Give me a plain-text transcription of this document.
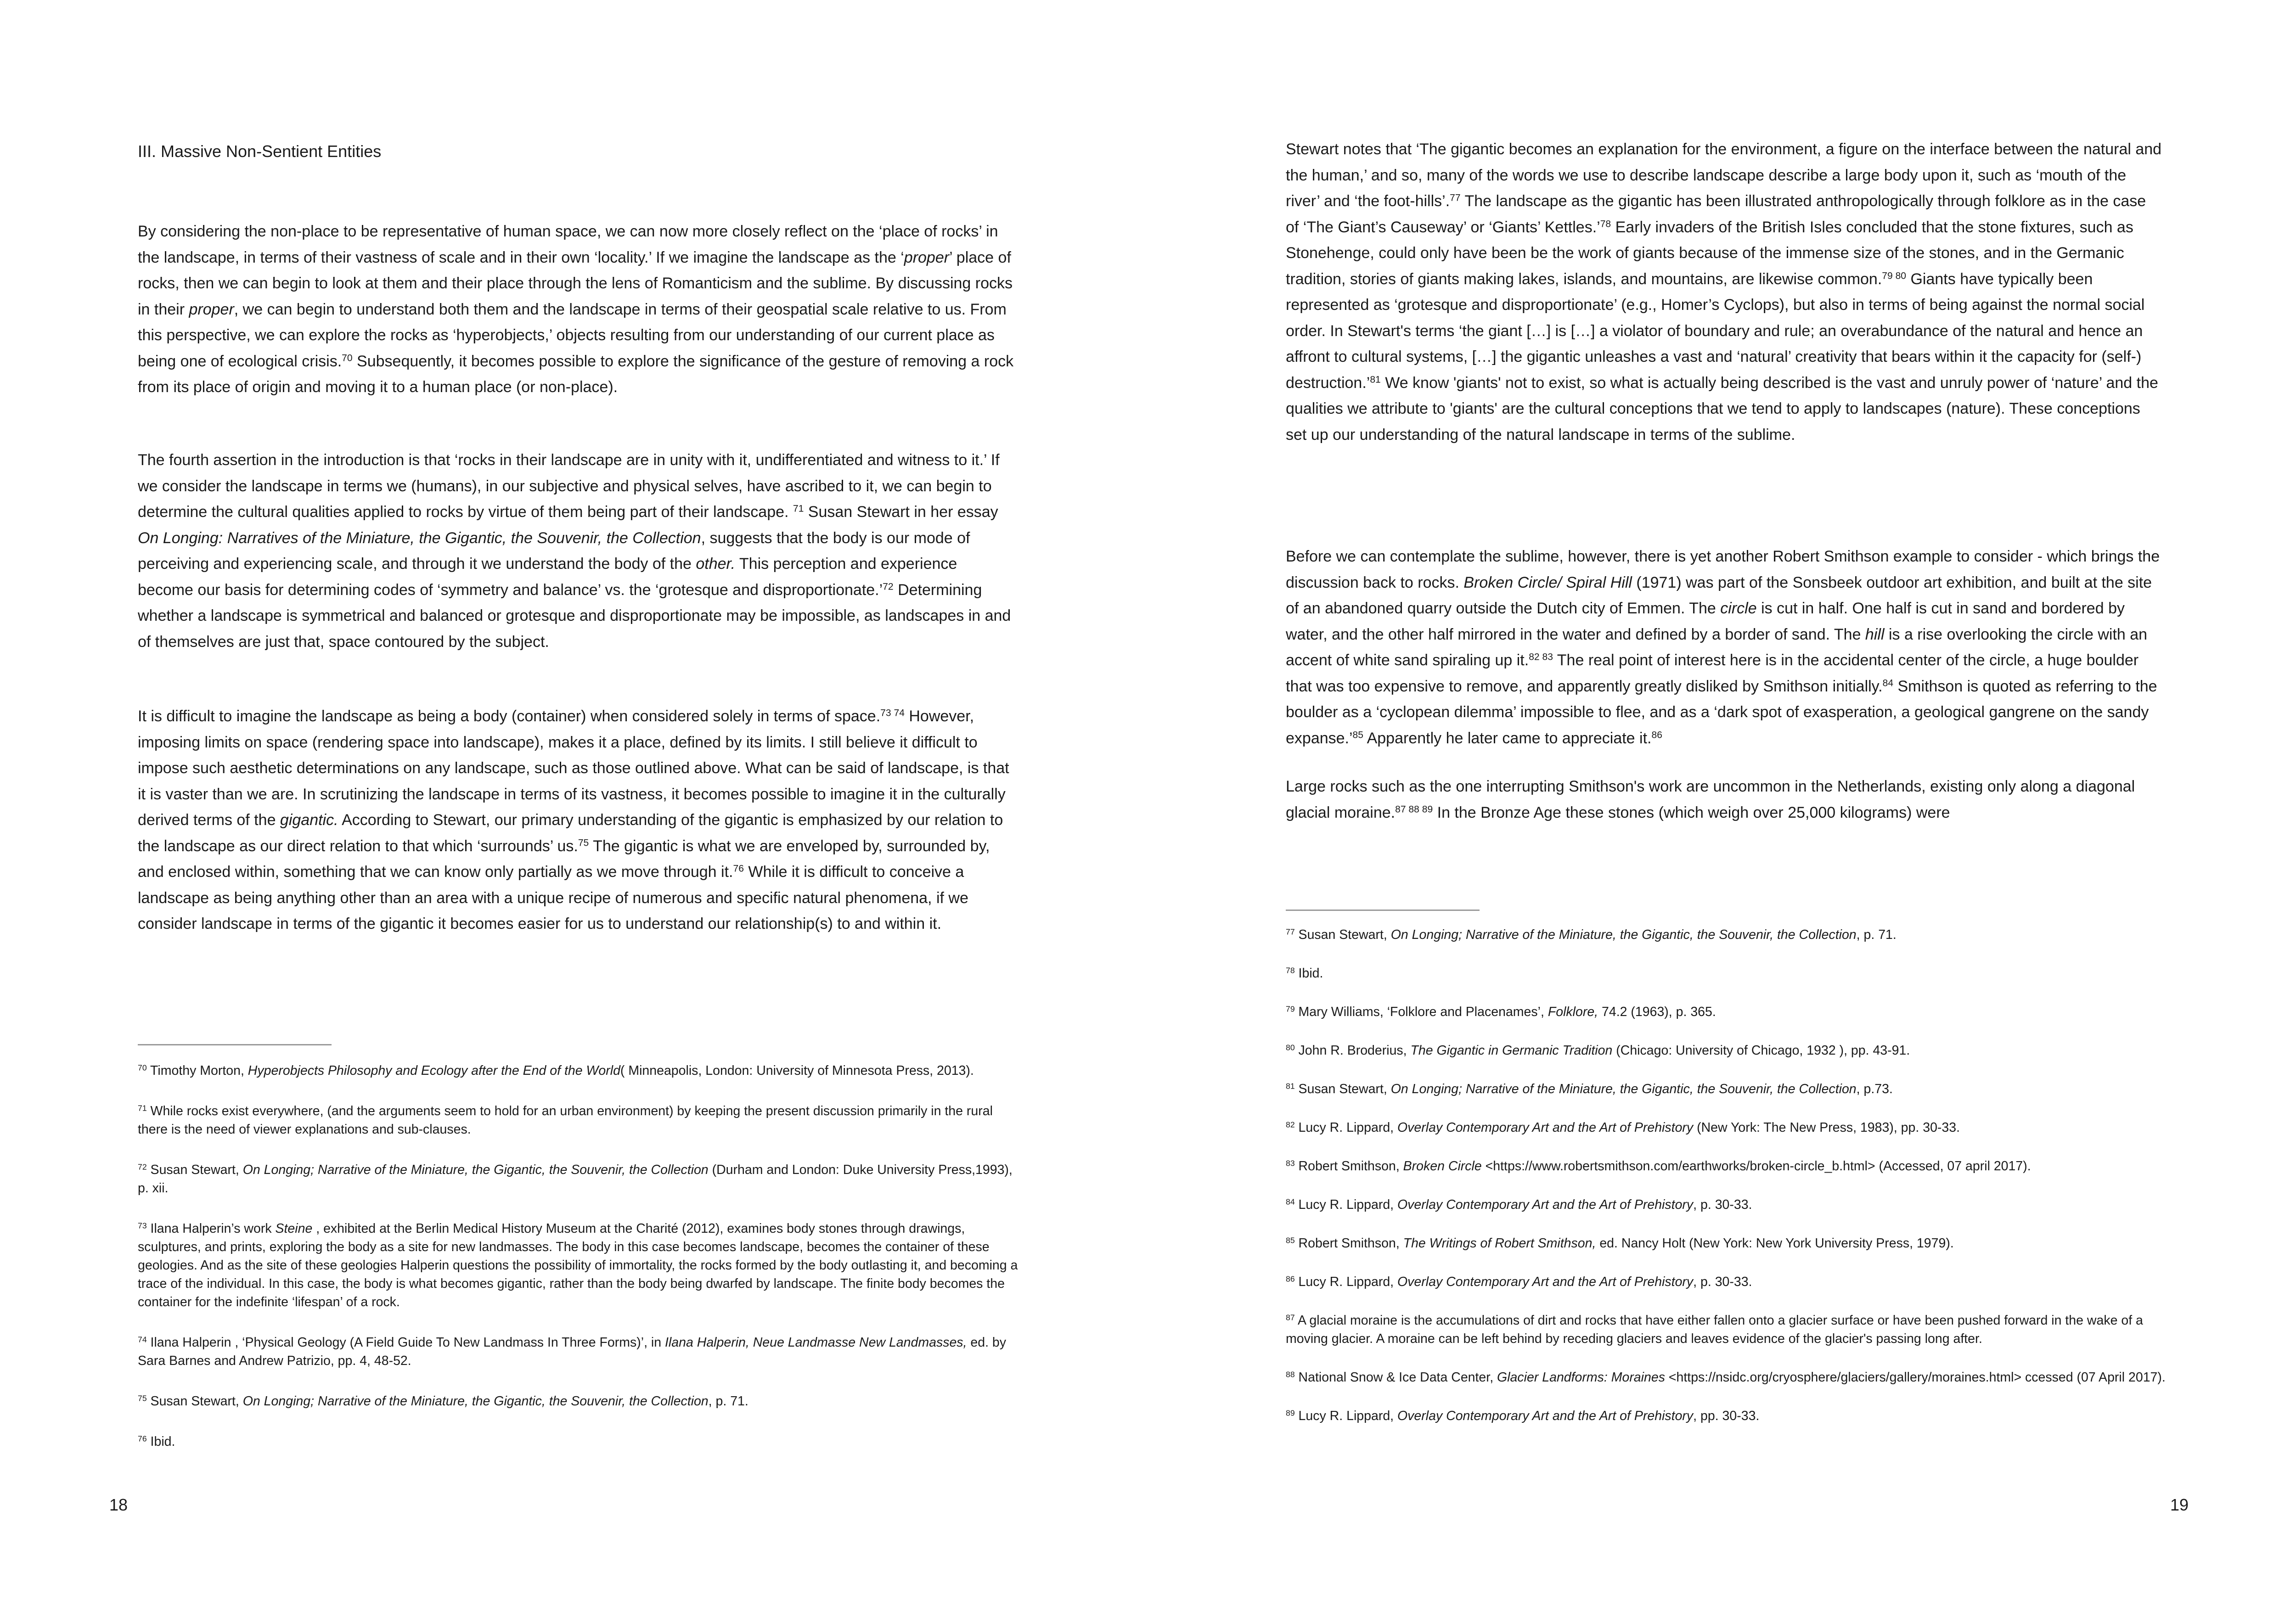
III. Massive Non-Sentient Entities

By considering the non-place to be representative of human space, we can now more closely reflect on the ‘place of rocks’ in the landscape, in terms of their vastness of scale and in their own ‘locality.’ If we imagine the landscape as the ‘proper’ place of rocks, then we can begin to look at them and their place through the lens of Romanticism and the sublime. By discussing rocks in their proper, we can begin to understand both them and the landscape in terms of their geospatial scale relative to us. From this perspective, we can explore the rocks as ‘hyperobjects,’ objects resulting from our understanding of our current place as being one of ecological crisis.$^{70}$ Subsequently, it becomes possible to explore the significance of the gesture of removing a rock from its place of origin and moving it to a human place (or non-place).

The fourth assertion in the introduction is that ‘rocks in their landscape are in unity with it, undifferentiated and witness to it.’ If we consider the landscape in terms we (humans), in our subjective and physical selves, have ascribed to it, we can begin to determine the cultural qualities applied to rocks by virtue of them being part of their landscape. $^{71}$ Susan Stewart in her essay On Longing: Narratives of the Miniature, the Gigantic, the Souvenir, the Collection, suggests that the body is our mode of perceiving and experiencing scale, and through it we understand the body of the other. This perception and experience become our basis for determining codes of ‘symmetry and balance’ vs. the ‘grotesque and disproportionate.’$^{72}$ Determining whether a landscape is symmetrical and balanced or grotesque and disproportionate may be impossible, as landscapes in and of themselves are just that, space contoured by the subject.

It is difficult to imagine the landscape as being a body (container) when considered solely in terms of space.$^{73 74}$ However, imposing limits on space (rendering space into landscape), makes it a place, defined by its limits. I still believe it difficult to impose such aesthetic determinations on any landscape, such as those outlined above. What can be said of landscape, is that it is vaster than we are. In scrutinizing the landscape in terms of its vastness, it becomes possible to imagine it in the culturally derived terms of the gigantic. According to Stewart, our primary understanding of the gigantic is emphasized by our relation to the landscape as our direct relation to that which ‘surrounds’ us.$^{75}$ The gigantic is what we are enveloped by, surrounded by, and enclosed within, something that we can know only partially as we move through it.$^{76}$ While it is difficult to conceive a landscape as being anything other than an area with a unique recipe of numerous and specific natural phenomena, if we consider landscape in terms of the gigantic it becomes easier for us to understand our relationship(s) to and within it.

$^{70}$ Timothy Morton, Hyperobjects Philosophy and Ecology after the End of the World( Minneapolis, London: University of Minnesota Press, 2013).
$^{71}$ While rocks exist everywhere, (and the arguments seem to hold for an urban environment) by keeping the present discussion primarily in the rural there is the need of viewer explanations and sub-clauses.
$^{72}$ Susan Stewart, On Longing; Narrative of the Miniature, the Gigantic, the Souvenir, the Collection (Durham and London: Duke University Press,1993), p. xii.
$^{73}$ Ilana Halperin’s work Steine , exhibited at the Berlin Medical History Museum at the Charité (2012), examines body stones through drawings, sculptures, and prints, exploring the body as a site for new landmasses. The body in this case becomes landscape, becomes the container of these geologies. And as the site of these geologies Halperin questions the possibility of immortality, the rocks formed by the body outlasting it, and becoming a trace of the individual. In this case, the body is what becomes gigantic, rather than the body being dwarfed by landscape. The finite body becomes the container for the indefinite ‘lifespan’ of a rock.
$^{74}$ Ilana Halperin , ‘Physical Geology (A Field Guide To New Landmass In Three Forms)’, in Ilana Halperin, Neue Landmasse New Landmasses, ed. by Sara Barnes and Andrew Patrizio, pp. 4, 48-52.
$^{75}$ Susan Stewart, On Longing; Narrative of the Miniature, the Gigantic, the Souvenir, the Collection, p. 71.
$^{76}$ Ibid.
18

Stewart notes that ‘The gigantic becomes an explanation for the environment, a figure on the interface between the natural and the human,’ and so, many of the words we use to describe landscape describe a large body upon it, such as ‘mouth of the river’ and ‘the foot-hills’.$^{77}$ The landscape as the gigantic has been illustrated anthropologically through folklore as in the case of ‘The Giant’s Causeway’ or ‘Giants’ Kettles.’$^{78}$ Early invaders of the British Isles concluded that the stone fixtures, such as Stonehenge, could only have been be the work of giants because of the immense size of the stones, and in the Germanic tradition, stories of giants making lakes, islands, and mountains, are likewise common.$^{79 80}$ Giants have typically been represented as ‘grotesque and disproportionate’ (e.g., Homer’s Cyclops), but also in terms of being against the normal social order. In Stewart's terms ‘the giant […] is […] a violator of boundary and rule; an overabundance of the natural and hence an affront to cultural systems, […] the gigantic unleashes a vast and ‘natural’ creativity that bears within it the capacity for (self-) destruction.’$^{81}$ We know 'giants' not to exist, so what is actually being described is the vast and unruly power of ‘nature’ and the qualities we attribute to 'giants' are the cultural conceptions that we tend to apply to landscapes (nature). These conceptions set up our understanding of the natural landscape in terms of the sublime.

Before we can contemplate the sublime, however, there is yet another Robert Smithson example to consider - which brings the discussion back to rocks. Broken Circle/ Spiral Hill (1971) was part of the Sonsbeek outdoor art exhibition, and built at the site of an abandoned quarry outside the Dutch city of Emmen. The circle is cut in half. One half is cut in sand and bordered by water, and the other half mirrored in the water and defined by a border of sand. The hill is a rise overlooking the circle with an accent of white sand spiraling up it.$^{82 83}$ The real point of interest here is in the accidental center of the circle, a huge boulder that was too expensive to remove, and apparently greatly disliked by Smithson initially.$^{84}$ Smithson is quoted as referring to the boulder as a ‘cyclopean dilemma’ impossible to flee, and as a ‘dark spot of exasperation, a geological gangrene on the sandy expanse.’$^{85}$ Apparently he later came to appreciate it.$^{86}$

Large rocks such as the one interrupting Smithson's work are uncommon in the Netherlands, existing only along a diagonal glacial moraine.$^{87 88 89}$ In the Bronze Age these stones (which weigh over 25,000 kilograms) were

$^{77}$ Susan Stewart, On Longing; Narrative of the Miniature, the Gigantic, the Souvenir, the Collection, p. 71.
$^{78}$ Ibid.
$^{79}$ Mary Williams, ‘Folklore and Placenames’, Folklore, 74.2 (1963), p. 365.
$^{80}$ John R. Broderius, The Gigantic in Germanic Tradition (Chicago: University of Chicago, 1932 ), pp. 43-91.
$^{81}$ Susan Stewart, On Longing; Narrative of the Miniature, the Gigantic, the Souvenir, the Collection, p.73.
$^{82}$ Lucy R. Lippard, Overlay Contemporary Art and the Art of Prehistory (New York: The New Press, 1983), pp. 30-33.
$^{83}$ Robert Smithson, Broken Circle <https://www.robertsmithson.com/earthworks/broken-circle_b.html> (Accessed, 07 april 2017).
$^{84}$ Lucy R. Lippard, Overlay Contemporary Art and the Art of Prehistory, p. 30-33.
$^{85}$ Robert Smithson, The Writings of Robert Smithson, ed. Nancy Holt (New York: New York University Press, 1979).
$^{86}$ Lucy R. Lippard, Overlay Contemporary Art and the Art of Prehistory, p. 30-33.
$^{87}$ A glacial moraine is the accumulations of dirt and rocks that have either fallen onto a glacier surface or have been pushed forward in the wake of a moving glacier. A moraine can be left behind by receding glaciers and leaves evidence of the glacier's passing long after.
$^{88}$ National Snow & Ice Data Center, Glacier Landforms: Moraines <https://nsidc.org/cryosphere/glaciers/gallery/moraines.html> ccessed (07 April 2017).
$^{89}$ Lucy R. Lippard, Overlay Contemporary Art and the Art of Prehistory, pp. 30-33.
19
